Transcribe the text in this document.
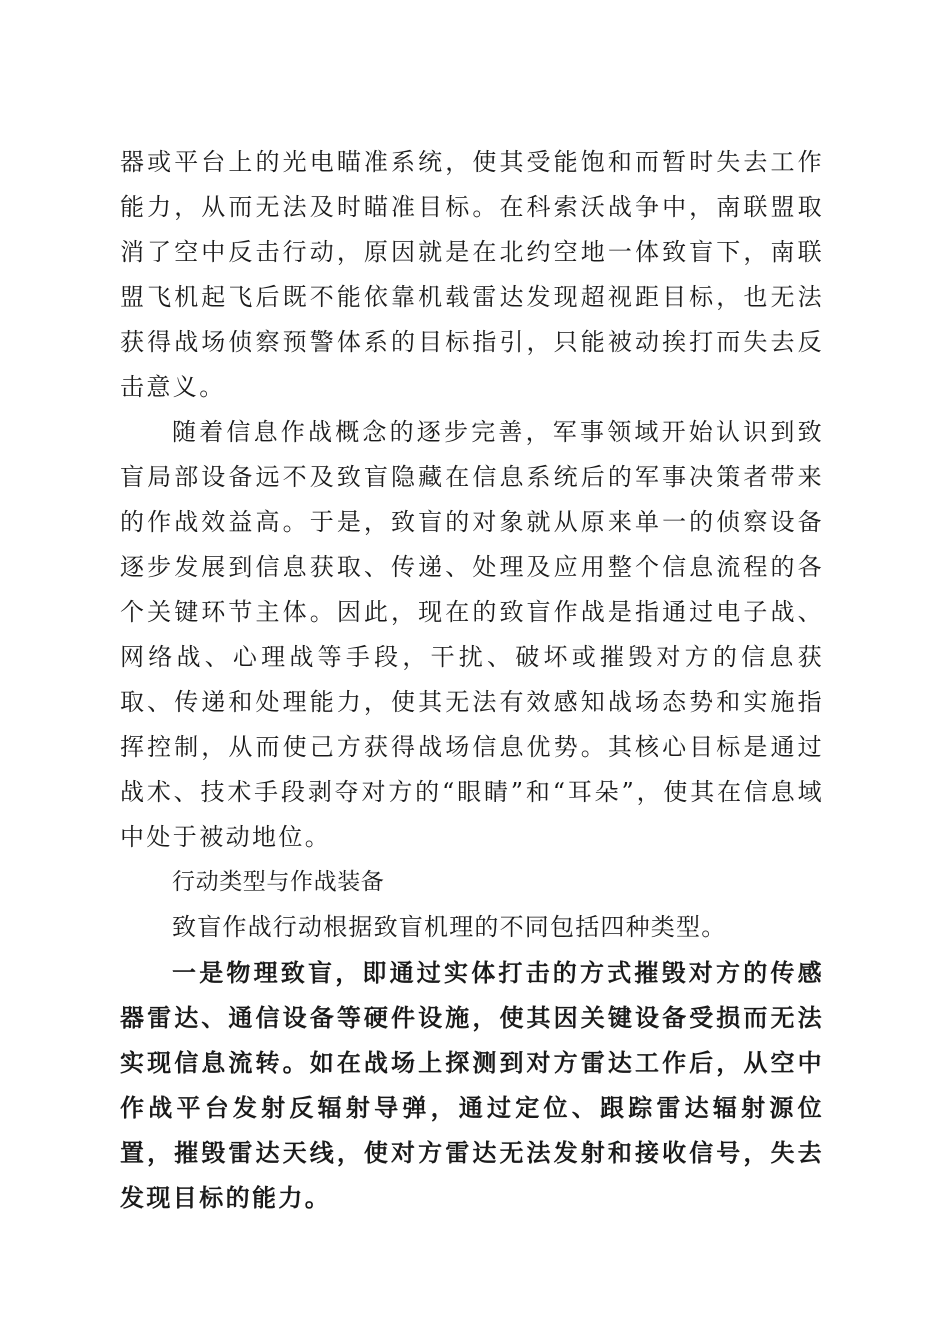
器或平台上的光电瞄准系统，使其受能饱和而暂时失去工作能力，从而无法及时瞄准目标。在科索沃战争中，南联盟取消了空中反击行动，原因就是在北约空地一体致盲下，南联盟飞机起飞后既不能依靠机载雷达发现超视距目标，也无法获得战场侦察预警体系的目标指引，只能被动挨打而失去反击意义。

随着信息作战概念的逐步完善，军事领域开始认识到致盲局部设备远不及致盲隐藏在信息系统后的军事决策者带来的作战效益高。于是，致盲的对象就从原来单一的侦察设备逐步发展到信息获取、传递、处理及应用整个信息流程的各个关键环节主体。因此，现在的致盲作战是指通过电子战、网络战、心理战等手段，干扰、破坏或摧毁对方的信息获取、传递和处理能力，使其无法有效感知战场态势和实施指挥控制，从而使己方获得战场信息优势。其核心目标是通过战术、技术手段剥夺对方的“眼睛”和“耳朵”，使其在信息域中处于被动地位。

行动类型与作战装备

致盲作战行动根据致盲机理的不同包括四种类型。

一是物理致盲，即通过实体打击的方式摧毁对方的传感器雷达、通信设备等硬件设施，使其因关键设备受损而无法实现信息流转。如在战场上探测到对方雷达工作后，从空中作战平台发射反辐射导弹，通过定位、跟踪雷达辐射源位置，摧毁雷达天线，使对方雷达无法发射和接收信号，失去发现目标的能力。
